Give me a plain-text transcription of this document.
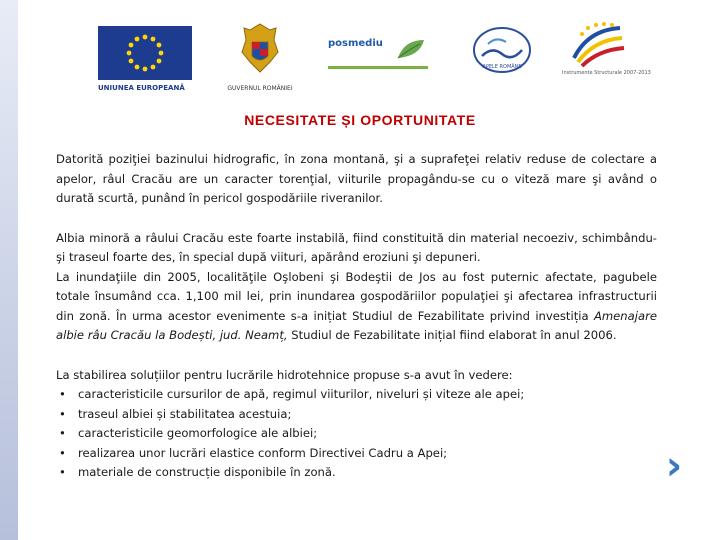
UNIUNEA EUROPEANĂ	GUVERNUL ROMÂNIEI
posmediu
APELE ROMÂNE
Instrumente Structurale 2007-2013
NECESITATE ȘI OPORTUNITATE

Datorită poziţiei bazinului hidrografic, în zona montană, şi a suprafeţei relativ reduse de colectare a apelor, râul Cracău are un caracter torenţial, viiturile propagându-se cu o viteză mare şi având o durată scurtă, punând în pericol gospodăriile riveranilor.

Albia minoră a râului Cracău este foarte instabilă, fiind constituită din material necoeziv, schimbându-şi traseul foarte des, în special după viituri, apărând eroziuni şi depuneri.

La inundaţiile din 2005, localităţile Oşlobeni şi Bodeştii de Jos au fost puternic afectate, pagubele totale însumând cca. 1,100 mil lei, prin inundarea gospodăriilor populaţiei şi afectarea infrastructurii din zonă. În urma acestor evenimente s-a inițiat Studiul de Fezabilitate privind investiția Amenajare albie râu Cracău la Bodești, jud. Neamț, Studiul de Fezabilitate inițial fiind elaborat în anul 2006.

La stabilirea soluțiilor pentru lucrările hidrotehnice propuse s-a avut în vedere:

• caracteristicile cursurilor de apă, regimul viiturilor, niveluri și viteze ale apei;
• traseul albiei și stabilitatea acestuia;
• caracteristicile geomorfologice ale albiei;
• realizarea unor lucrări elastice conform Directivei Cadru a Apei;
• materiale de construcție disponibile în zonă.	›
